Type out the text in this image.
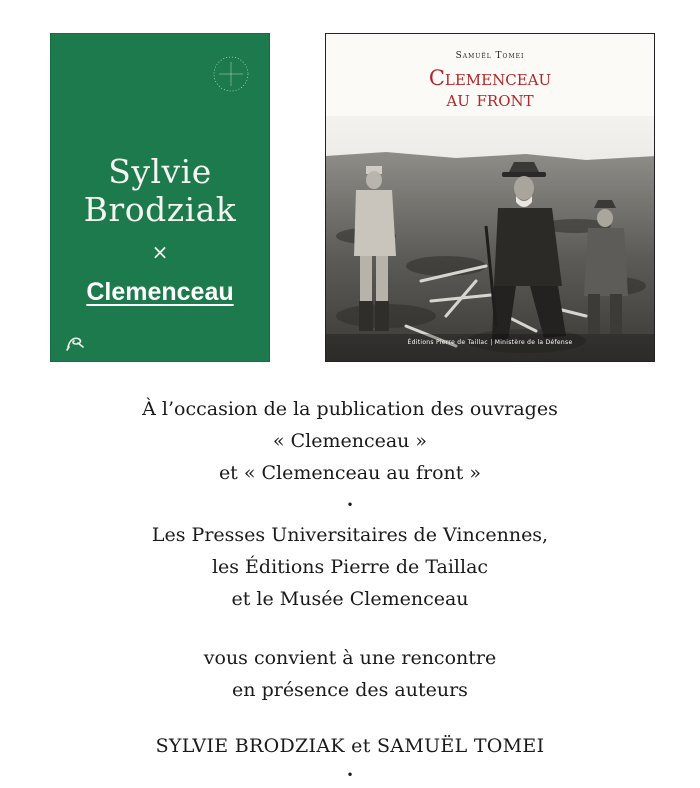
Sylvie
Brodziak
×
Clemenceau
Samuël Tomei
Clemenceau
au front
Éditions Pierre de Taillac | Ministère de la Défense
À l’occasion de la publication des ouvrages
« Clemenceau »
et « Clemenceau au front »
•
Les Presses Universitaires de Vincennes,
les Éditions Pierre de Taillac
et le Musée Clemenceau
vous convient à une rencontre
en présence des auteurs
SYLVIE BRODZIAK et SAMUËL TOMEI
•
